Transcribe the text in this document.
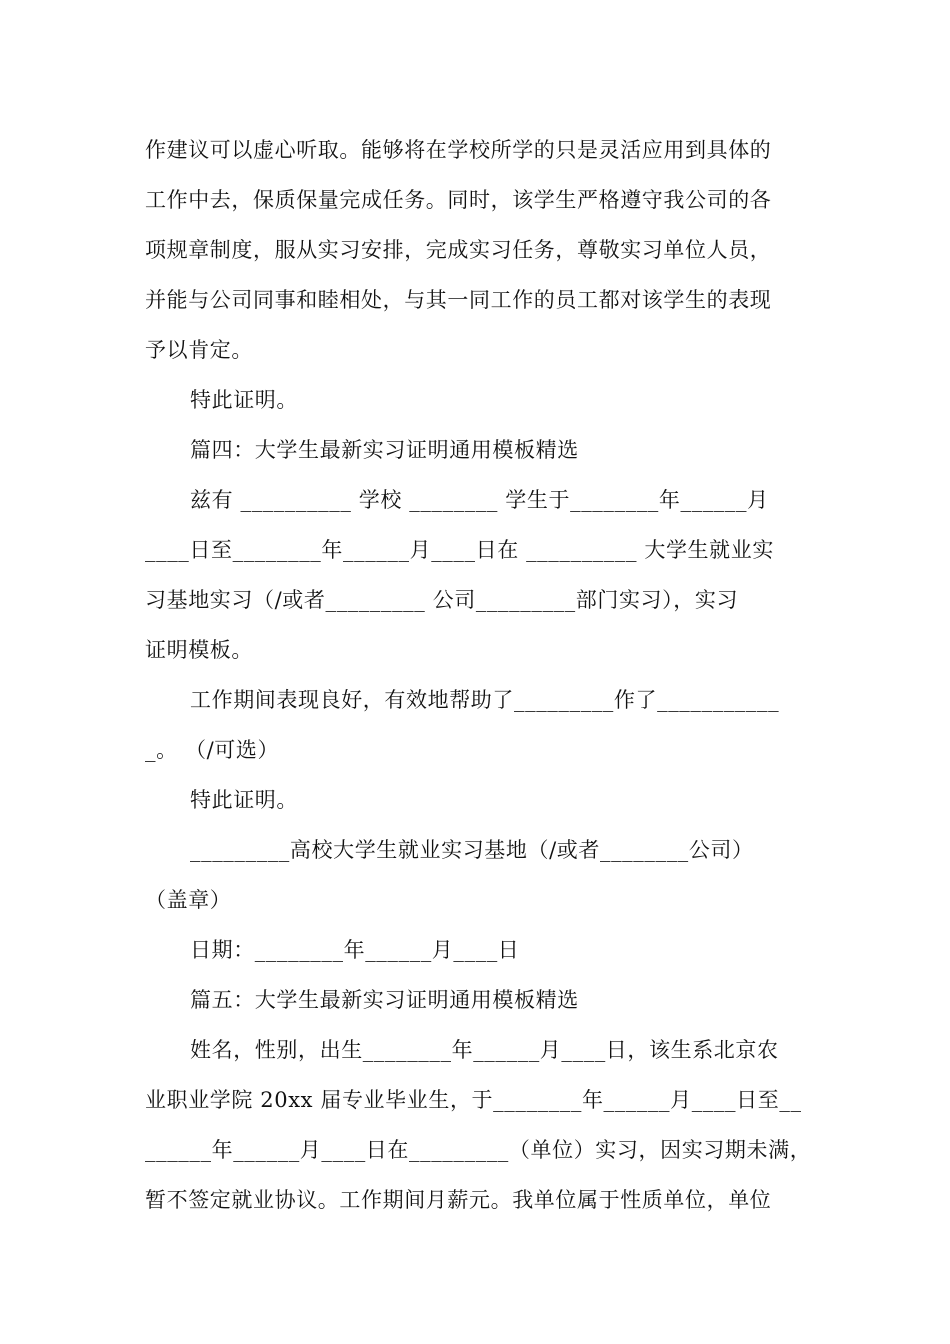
作建议可以虚心听取。能够将在学校所学的只是灵活应用到具体的
工作中去，保质保量完成任务。同时，该学生严格遵守我公司的各
项规章制度，服从实习安排，完成实习任务，尊敬实习单位人员，
并能与公司同事和睦相处，与其一同工作的员工都对该学生的表现
予以肯定。
特此证明。
篇四：大学生最新实习证明通用模板精选
兹有 __________ 学校 ________ 学生于________年______月
____日至________年______月____日在 __________ 大学生就业实
习基地实习（/或者_________ 公司_________部门实习），实习
证明模板。
工作期间表现良好，有效地帮助了_________作了___________
_。 （/可选）
特此证明。
_________高校大学生就业实习基地（/或者________公司）
（盖章）
日期：________年______月____日
篇五：大学生最新实习证明通用模板精选
姓名，性别，出生________年______月____日，该生系北京农
业职业学院 20xx 届专业毕业生，于________年______月____日至__
______年______月____日在_________（单位）实习，因实习期未满，
暂不签定就业协议。工作期间月薪元。我单位属于性质单位，单位
